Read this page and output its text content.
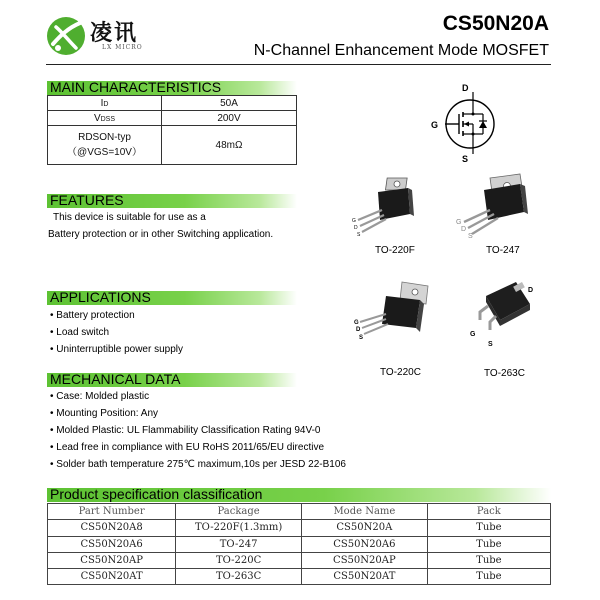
凌讯
LX MICRO
CS50N20A
N-Channel Enhancement Mode MOSFET
MAIN CHARACTERISTICS
ID	50A
VDSS	200V

RDSON-typ
（@VGS=10V）	48mΩ
FEATURES
This device is suitable for use as a
Battery protection or in other Switching application.
APPLICATIONS
• Battery protection
• Load switch
• Uninterruptible power supply
MECHANICAL DATA
• Case: Molded plastic
• Mounting Position: Any
• Molded Plastic: UL Flammability Classification Rating 94V-0
• Lead free in compliance with EU RoHS 2011/65/EU directive
• Solder bath temperature 275℃ maximum,10s per JESD 22-B106
D
G
S
G
D
S
TO-220F
G
D
S
TO-247
G
D
S
TO-220C
D
G
S
TO-263C
Product specification classification
Part Number	Package	Mode Name	Pack
CS50N20A8	TO-220F(1.3mm)	CS50N20A	Tube
CS50N20A6	TO-247	CS50N20A6	Tube
CS50N20AP	TO-220C	CS50N20AP	Tube
CS50N20AT	TO-263C	CS50N20AT	Tube
